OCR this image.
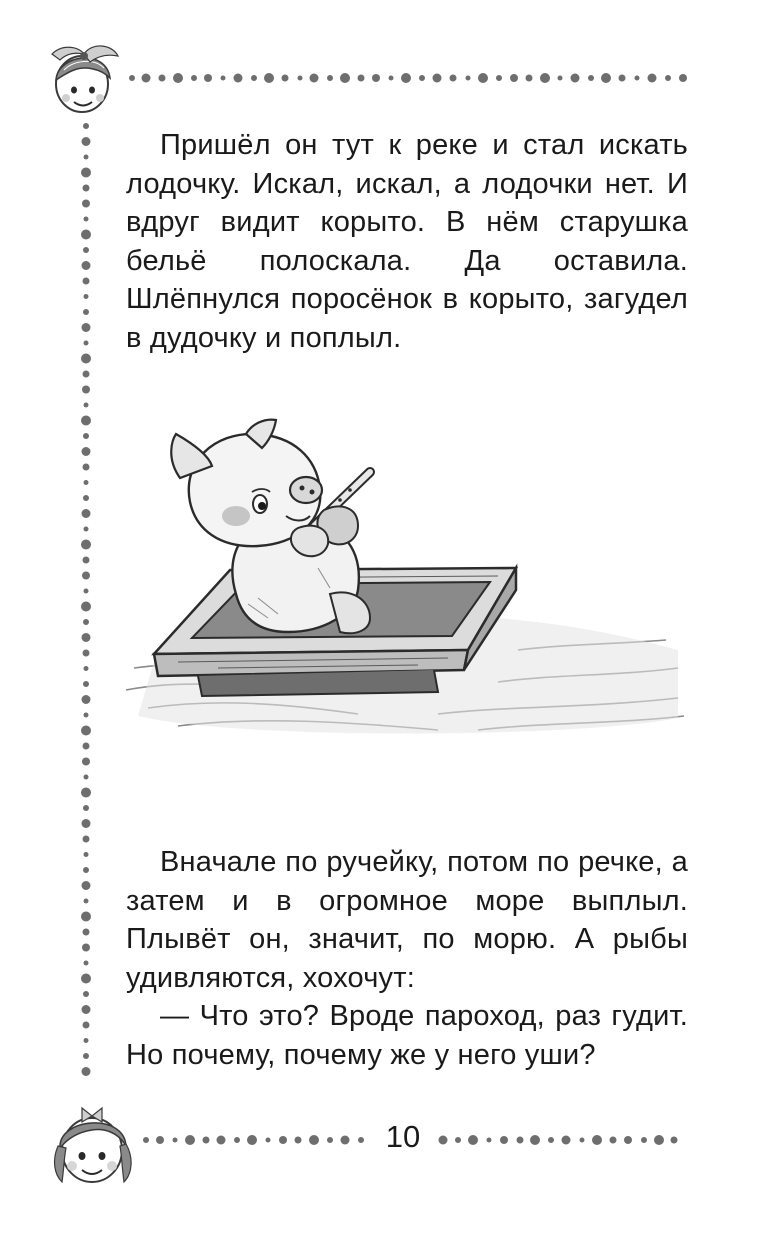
Пришёл он тут к реке и стал искать лодочку. Искал, искал, а лодочки нет. И вдруг видит корыто. В нём старушка бельё полоскала. Да оставила. Шлёпнулся поросёнок в корыто, загудел в дудочку и поплыл.

Вначале по ручейку, потом по речке, а затем и в огромное море выплыл. Плывёт он, значит, по морю. А рыбы удивляются, хохочут:

— Что это? Вроде пароход, раз гудит. Но почему, почему же у него уши?

10
